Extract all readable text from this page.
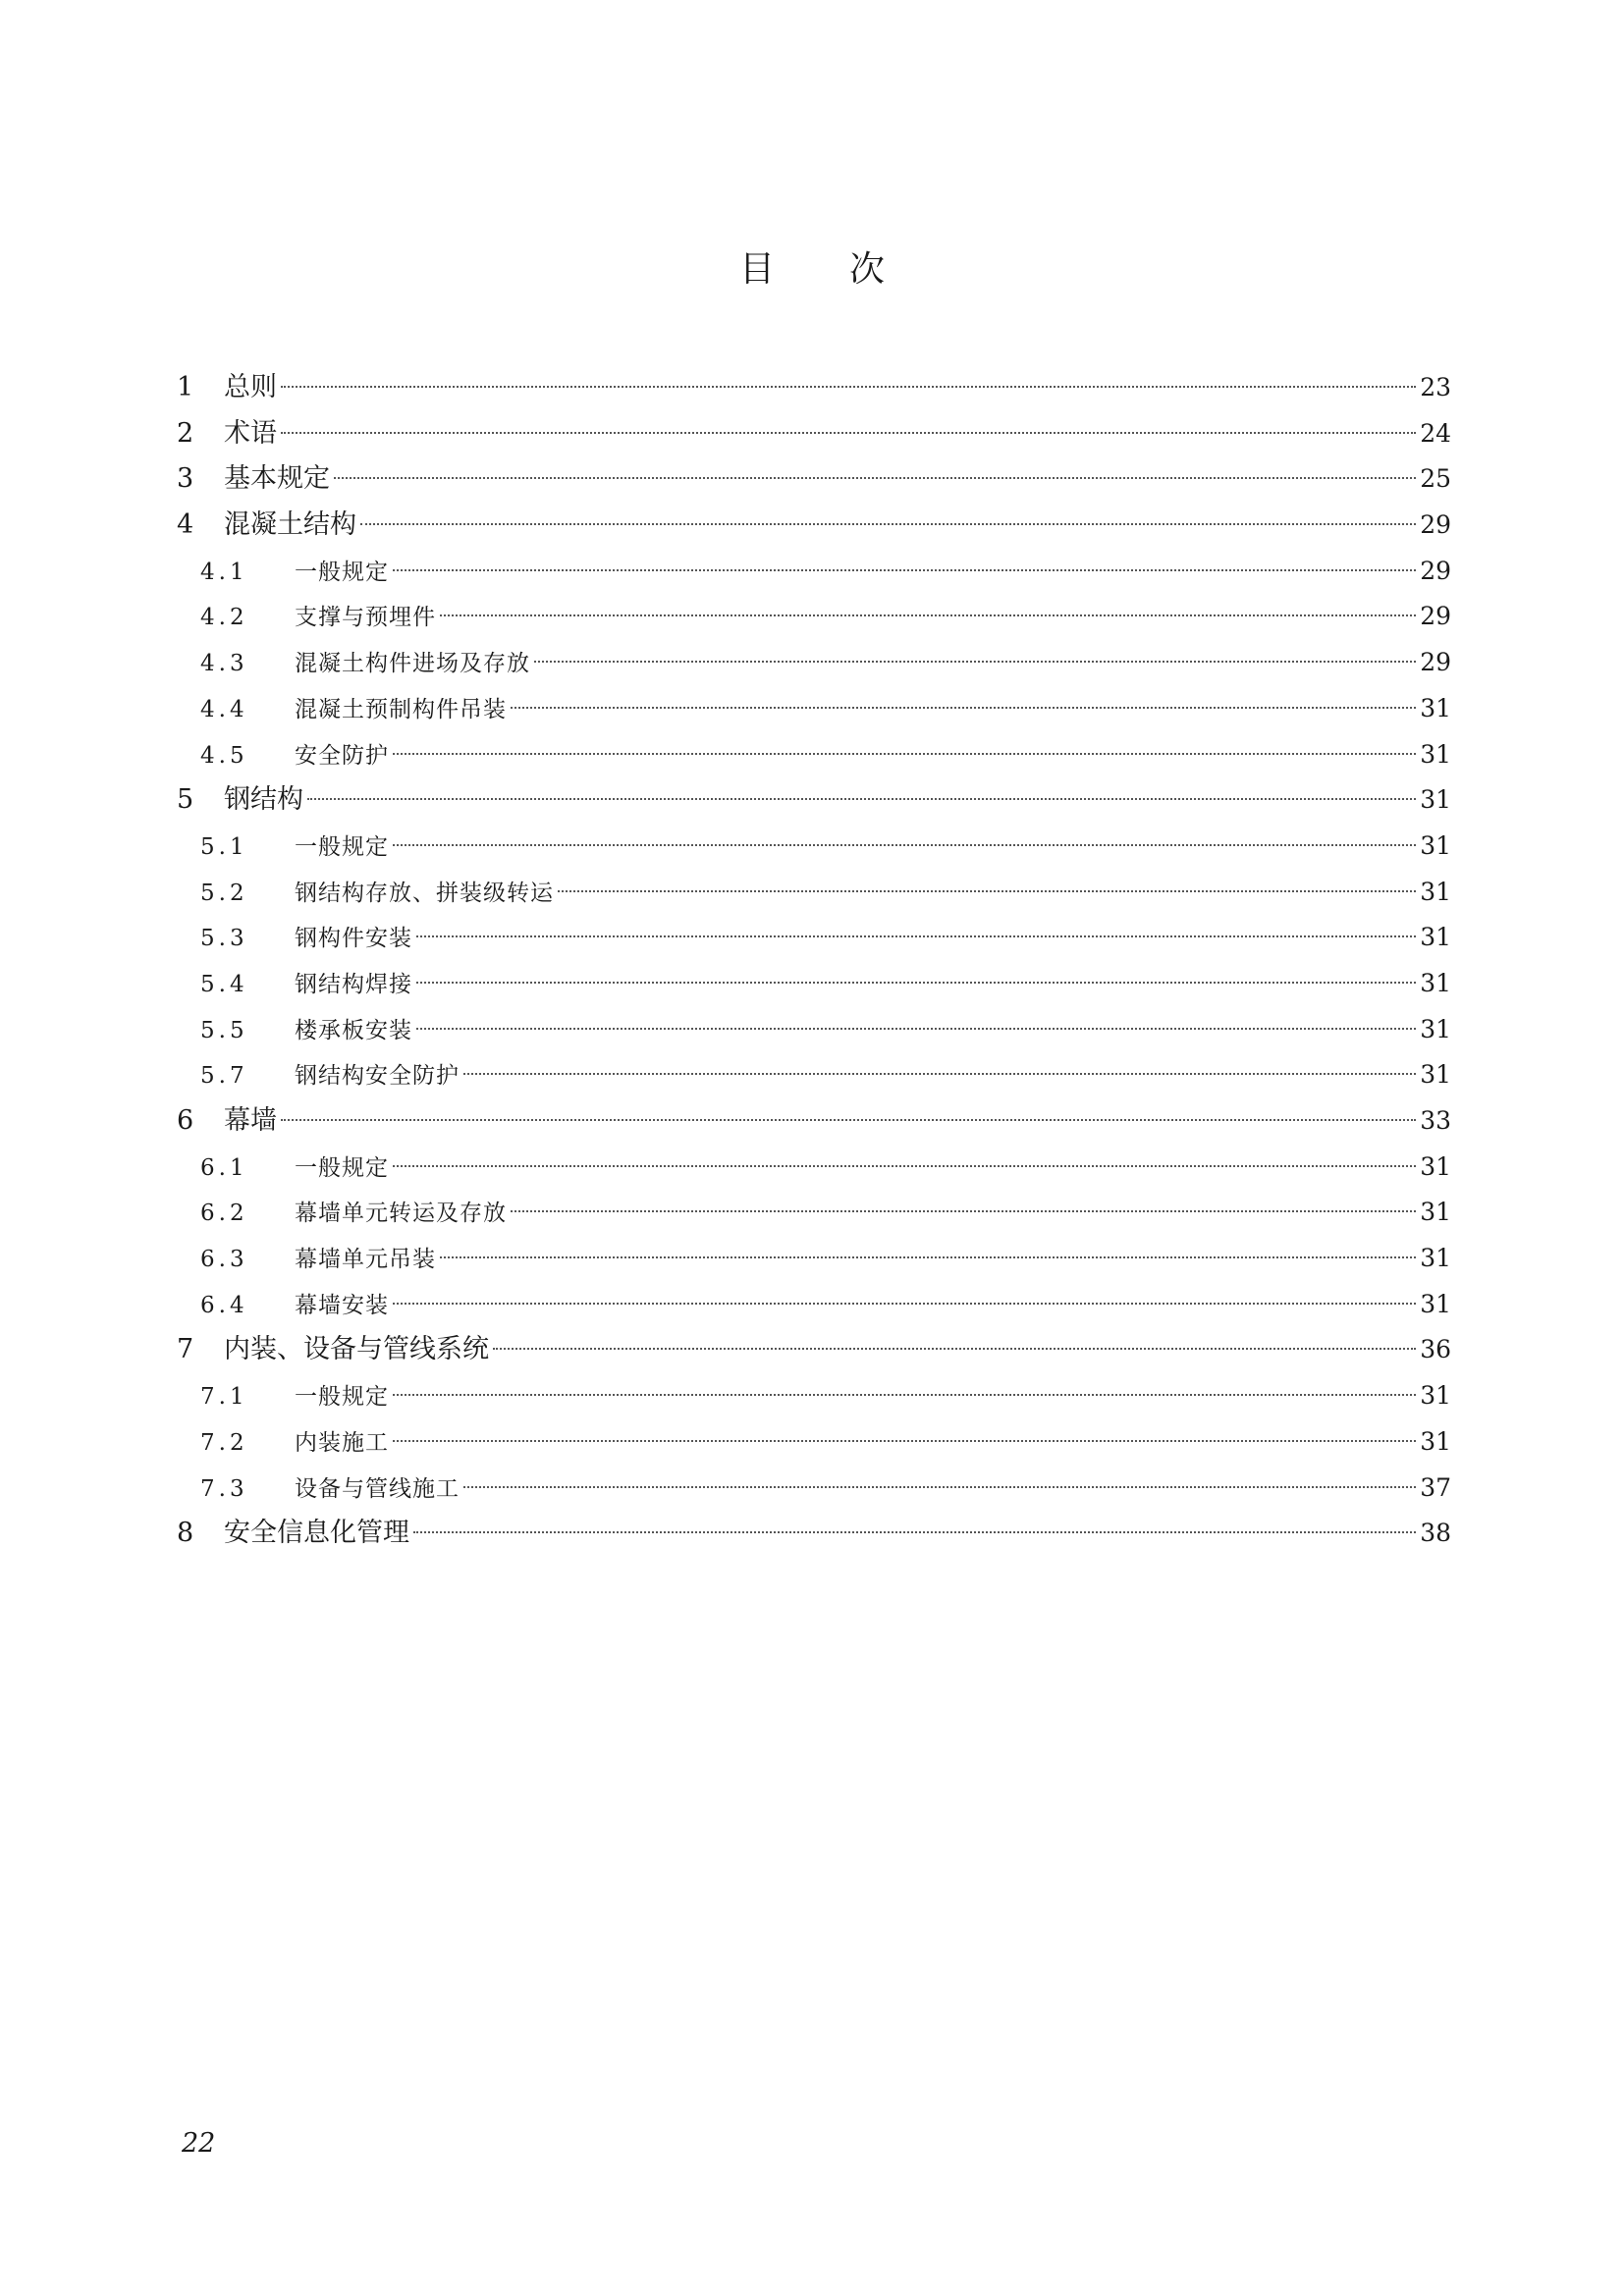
目 次
1	总则	23
2	术语	24
3	基本规定	25
4	混凝土结构	29
4.1	一般规定	29
4.2	支撑与预埋件	29
4.3	混凝土构件进场及存放	29
4.4	混凝土预制构件吊装	31
4.5	安全防护	31
5	钢结构	31
5.1	一般规定	31
5.2	钢结构存放、拼装级转运	31
5.3	钢构件安装	31
5.4	钢结构焊接	31
5.5	楼承板安装	31
5.7	钢结构安全防护	31
6	幕墙	33
6.1	一般规定	31
6.2	幕墙单元转运及存放	31
6.3	幕墙单元吊装	31
6.4	幕墙安装	31
7	内装、设备与管线系统	36
7.1	一般规定	31
7.2	内装施工	31
7.3	设备与管线施工	37
8	安全信息化管理	38
22
